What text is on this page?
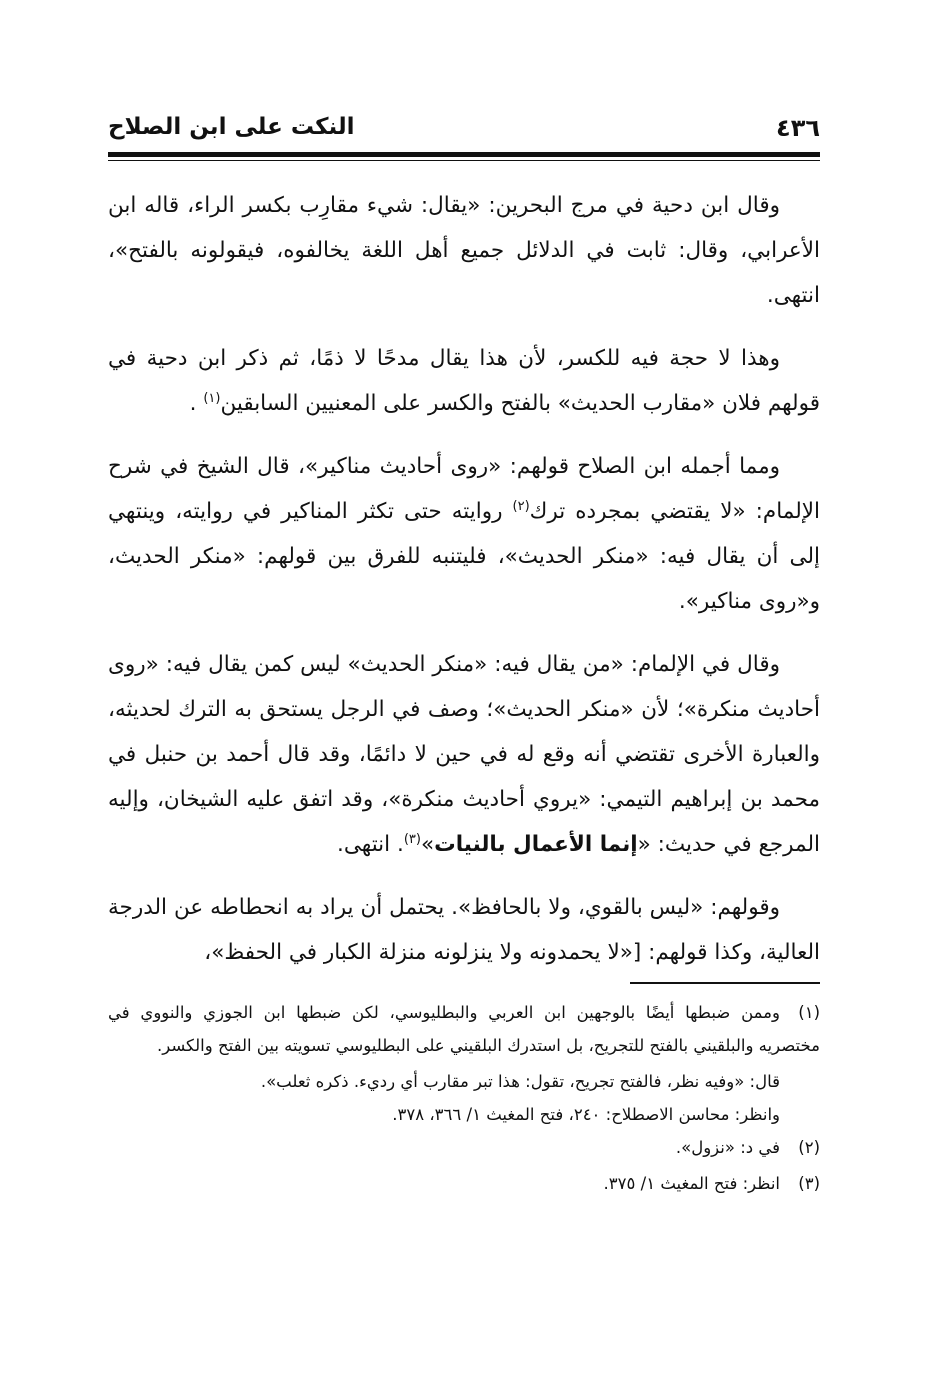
٤٣٦
النكت على ابن الصلاح

وقال ابن دحية في مرج البحرين: «يقال: شيء مقارِب بكسر الراء، قاله ابن الأعرابي، وقال: ثابت في الدلائل جميع أهل اللغة يخالفوه، فيقولونه بالفتح»، انتهى.

وهذا لا حجة فيه للكسر، لأن هذا يقال مدحًا لا ذمًا، ثم ذكر ابن دحية في قولهم فلان «مقارب الحديث» بالفتح والكسر على المعنيين السابقين$^{(١)}$ .

ومما أجمله ابن الصلاح قولهم: «روى أحاديث مناكير»، قال الشيخ في شرح الإلمام: «لا يقتضي بمجرده ترك$^{(٢)}$ روايته حتى تكثر المناكير في روايته، وينتهي إلى أن يقال فيه: «منكر الحديث»، فليتنبه للفرق بين قولهم: «منكر الحديث، و«روى مناكير».

وقال في الإلمام: «من يقال فيه: «منكر الحديث» ليس كمن يقال فيه: «روى أحاديث منكرة»؛ لأن «منكر الحديث»؛ وصف في الرجل يستحق به الترك لحديثه، والعبارة الأخرى تقتضي أنه وقع له في حين لا دائمًا، وقد قال أحمد بن حنبل في محمد بن إبراهيم التيمي: «يروي أحاديث منكرة»، وقد اتفق عليه الشيخان، وإليه المرجع في حديث: «إنما الأعمال بالنيات»$^{(٣)}$. انتهى.

وقولهم: «ليس بالقوي، ولا بالحافظ». يحتمل أن يراد به انحطاطه عن الدرجة العالية، وكذا قولهم: [«لا يحمدونه ولا ينزلونه منزلة الكبار في الحفظ»،

(١)وممن ضبطها أيضًا بالوجهين ابن العربي والبطليوسي، لكن ضبطها ابن الجوزي والنووي في مختصريه والبلقيني بالفتح للتجريح، بل استدرك البلقيني على البطليوسي تسويته بين الفتح والكسر.
قال: «وفيه نظر، فالفتح تجريح، تقول: هذا تبر مقارب أي رديء. ذكره ثعلب».
وانظر: محاسن الاصطلاح: ٢٤٠، فتح المغيث ١/ ٣٦٦، ٣٧٨.
(٢)في د: «نزول».
(٣)انظر: فتح المغيث ١/ ٣٧٥.
